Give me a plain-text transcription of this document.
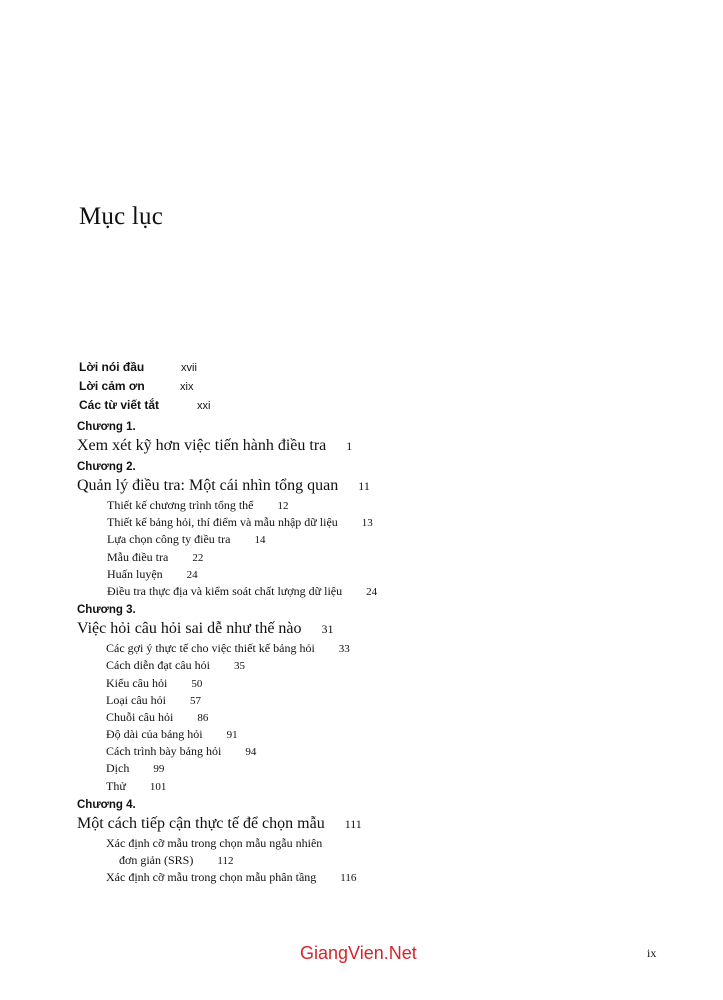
Mục lục
Lời nói đầu	xvii
Lời cảm ơn	xix
Các từ viết tắt	xxi
Chương 1.
Xem xét kỹ hơn việc tiến hành điều tra 1
Chương 2.
Quản lý điều tra: Một cái nhìn tổng quan 11
Thiết kế chương trình tổng thể 12
Thiết kế bảng hỏi, thí điểm và mẫu nhập dữ liệu 13
Lựa chọn công ty điều tra 14
Mẫu điều tra 22
Huấn luyện 24
Điều tra thực địa và kiểm soát chất lượng dữ liệu 24
Chương 3.
Việc hỏi câu hỏi sai dễ như thế nào 31
Các gợi ý thực tế cho việc thiết kế bảng hỏi 33
Cách diễn đạt câu hỏi 35
Kiểu câu hỏi 50
Loại câu hỏi 57
Chuỗi câu hỏi 86
Độ dài của bảng hỏi 91
Cách trình bày bảng hỏi 94
Dịch 99
Thử 101
Chương 4.
Một cách tiếp cận thực tế để chọn mẫu 111
Xác định cỡ mẫu trong chọn mẫu ngẫu nhiên
đơn giản (SRS) 112
Xác định cỡ mẫu trong chọn mẫu phân tầng 116
GiangVien.Net	ix
